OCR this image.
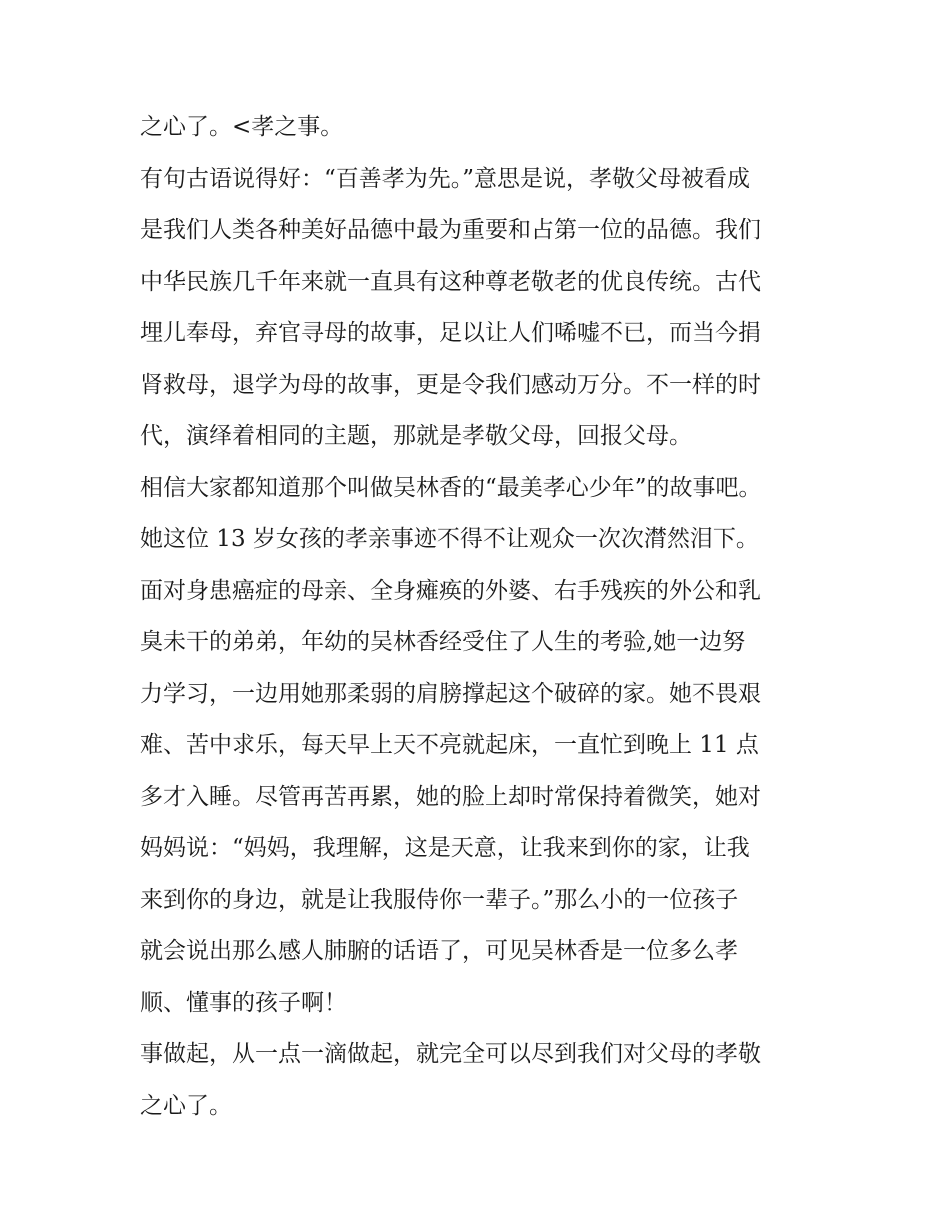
之心了。<孝之事。
有句古语说得好：“百善孝为先。”意思是说，孝敬父母被看成
是我们人类各种美好品德中最为重要和占第一位的品德。我们
中华民族几千年来就一直具有这种尊老敬老的优良传统。古代
埋儿奉母，弃官寻母的故事，足以让人们唏嘘不已，而当今捐
肾救母，退学为母的故事，更是令我们感动万分。不一样的时
代，演绎着相同的主题，那就是孝敬父母，回报父母。
相信大家都知道那个叫做吴林香的“最美孝心少年”的故事吧。
她这位 13 岁女孩的孝亲事迹不得不让观众一次次潸然泪下。
面对身患癌症的母亲、全身瘫痪的外婆、右手残疾的外公和乳
臭未干的弟弟，年幼的吴林香经受住了人生的考验,她一边努
力学习，一边用她那柔弱的肩膀撑起这个破碎的家。她不畏艰
难、苦中求乐，每天早上天不亮就起床，一直忙到晚上 11 点
多才入睡。尽管再苦再累，她的脸上却时常保持着微笑，她对
妈妈说：“妈妈，我理解，这是天意，让我来到你的家，让我
来到你的身边，就是让我服侍你一辈子。”那么小的一位孩子
就会说出那么感人肺腑的话语了，可见吴林香是一位多么孝
顺、懂事的孩子啊！
事做起，从一点一滴做起，就完全可以尽到我们对父母的孝敬
之心了。
